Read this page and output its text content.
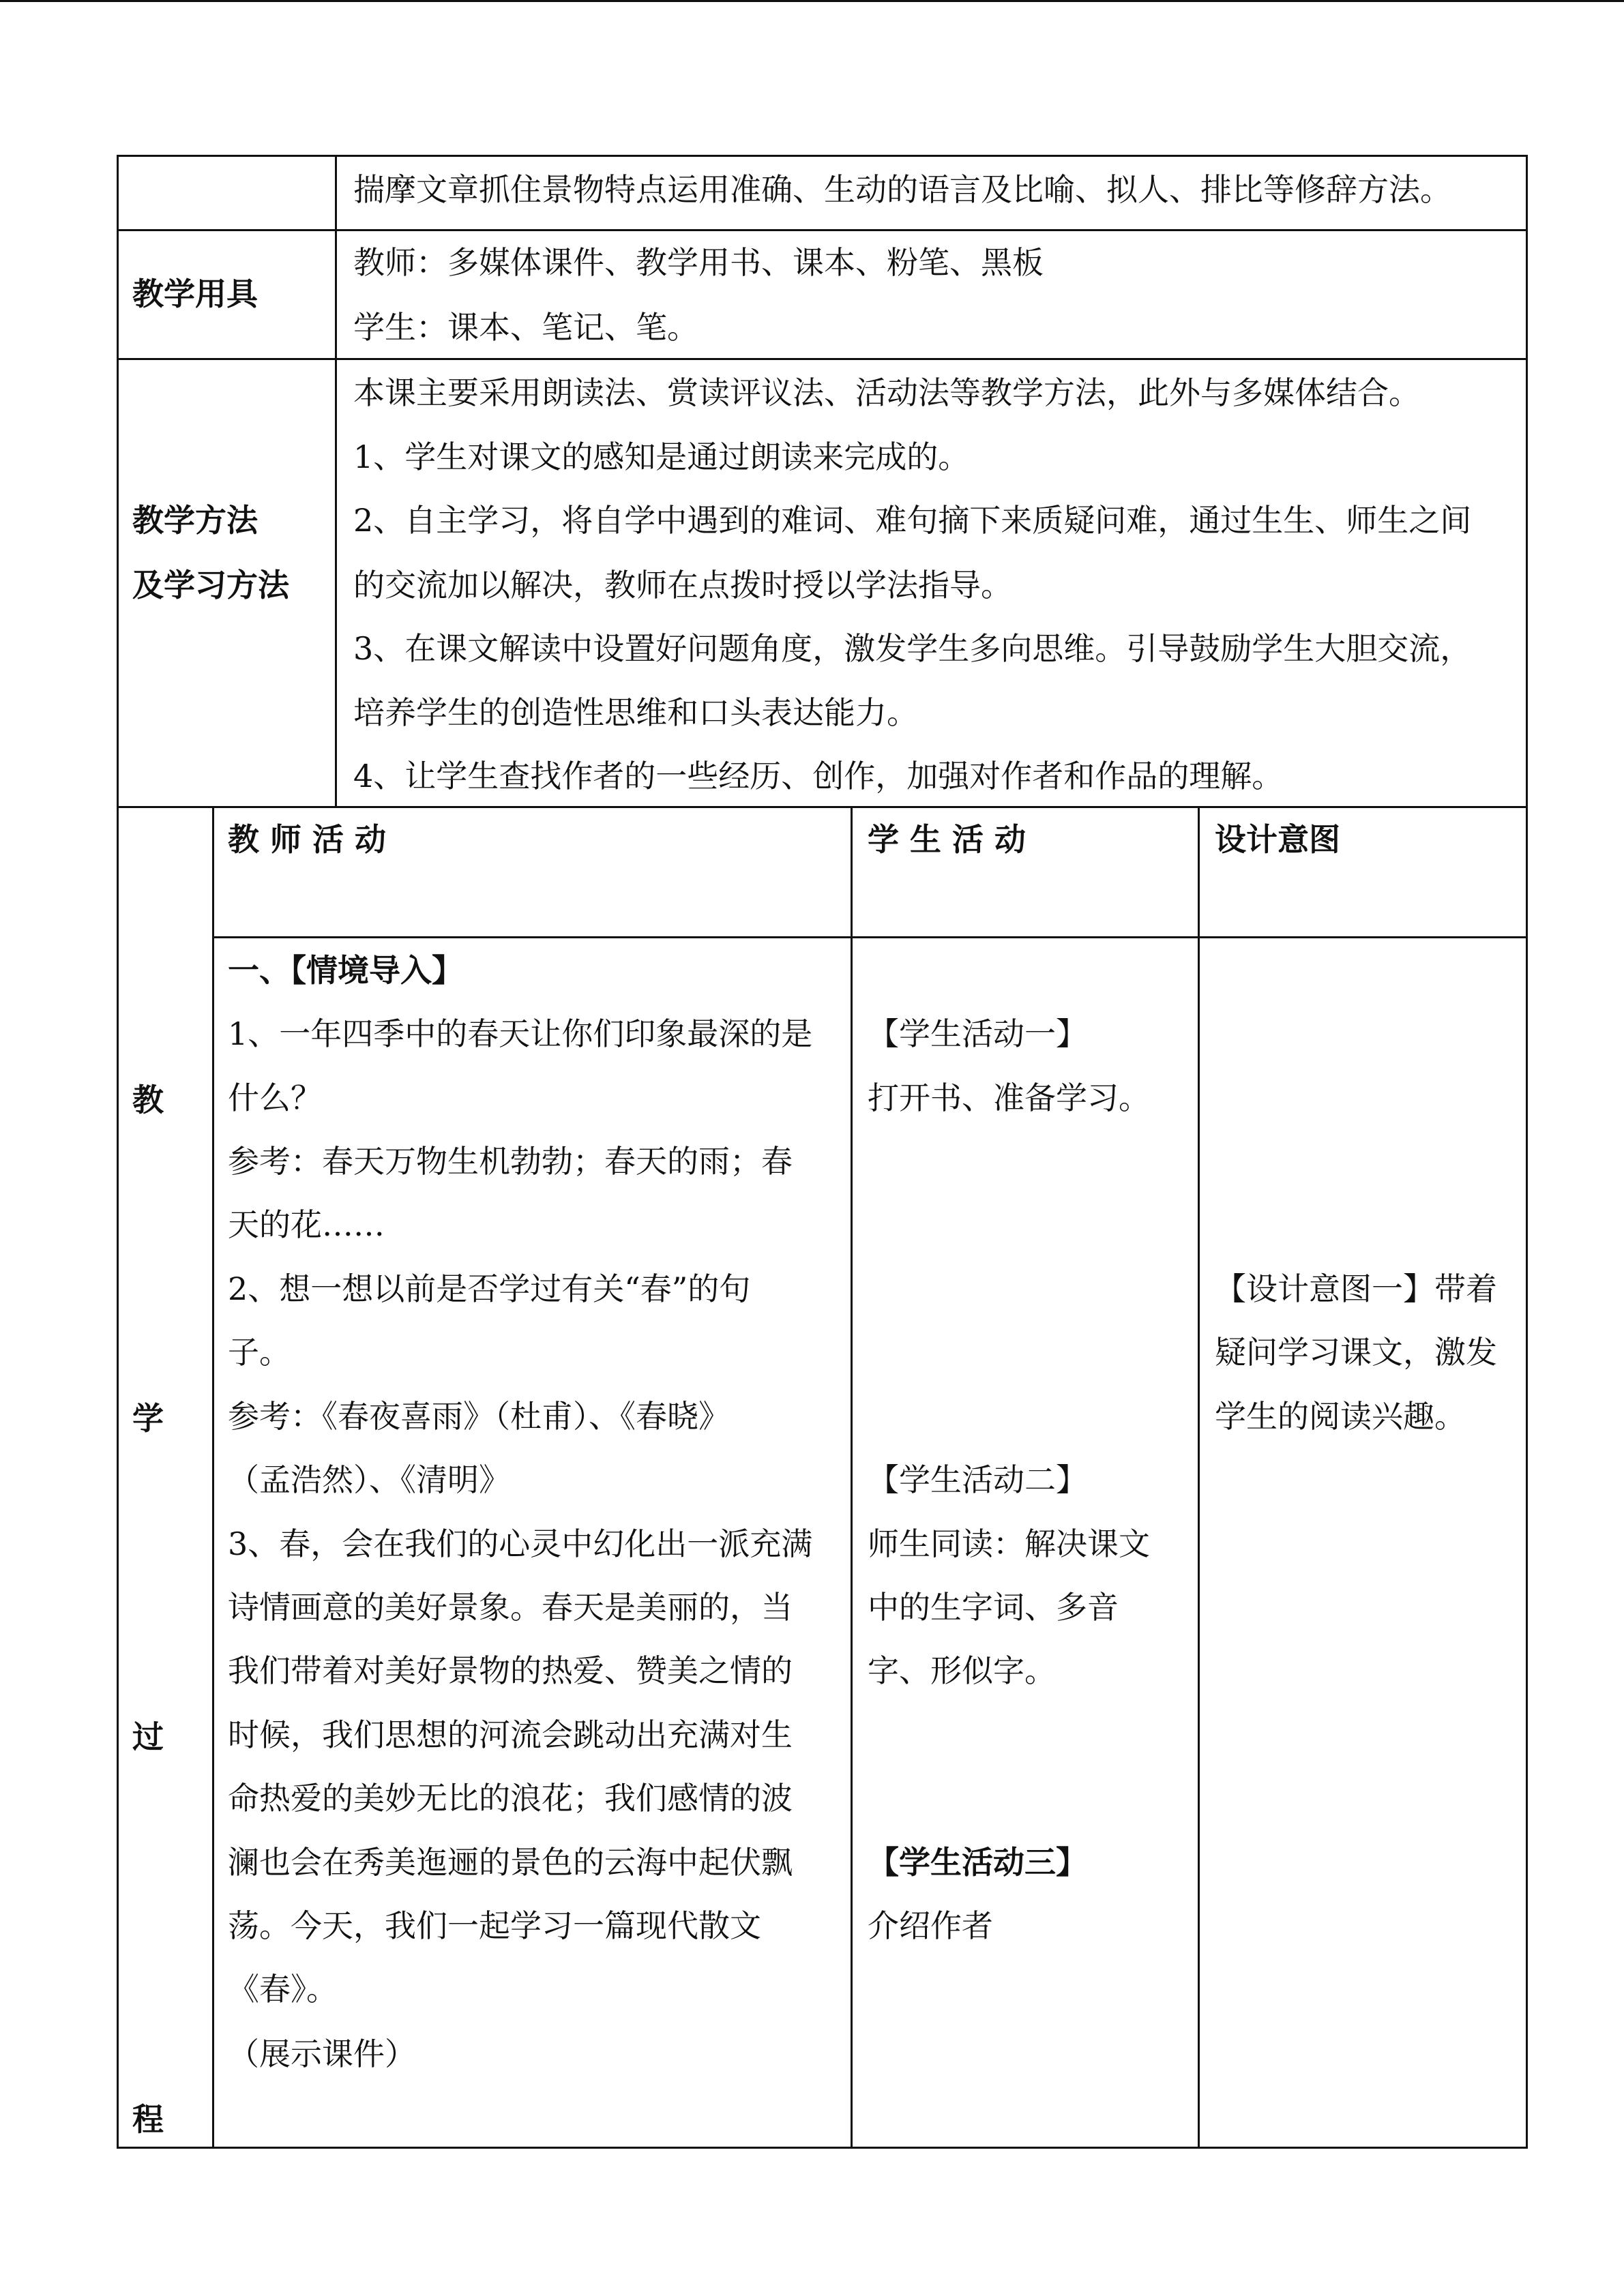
揣摩文章抓住景物特点运用准确、生动的语言及比喻、拟人、排比等修辞方法。
教学用具
教师：多媒体课件、教学用书、课本、粉笔、黑板
学生：课本、笔记、笔。
教学方法
及学习方法
本课主要采用朗读法、赏读评议法、活动法等教学方法，此外与多媒体结合。
1、学生对课文的感知是通过朗读来完成的。
2、自主学习，将自学中遇到的难词、难句摘下来质疑问难，通过生生、师生之间
的交流加以解决，教师在点拨时授以学法指导。
3、在课文解读中设置好问题角度，激发学生多向思维。引导鼓励学生大胆交流，
培养学生的创造性思维和口头表达能力。
4、让学生查找作者的一些经历、创作，加强对作者和作品的理解。
教
学
过
程
教 师 活 动	学 生 活 动	设计意图
一、【情境导入】
1、一年四季中的春天让你们印象最深的是
什么？
参考：春天万物生机勃勃；春天的雨；春
天的花……
2、想一想以前是否学过有关“春”的句
子。
参考：《春夜喜雨》（杜甫）、《春晓》
（孟浩然）、《清明》
3、春，会在我们的心灵中幻化出一派充满
诗情画意的美好景象。春天是美丽的，当
我们带着对美好景物的热爱、赞美之情的
时候，我们思想的河流会跳动出充满对生
命热爱的美妙无比的浪花；我们感情的波
澜也会在秀美迤逦的景色的云海中起伏飘
荡。今天，我们一起学习一篇现代散文
《春》。
（展示课件）
【学生活动一】
打开书、准备学习。
【学生活动二】
师生同读：解决课文
中的生字词、多音
字、形似字。
【学生活动三】
介绍作者
【设计意图一】带着
疑问学习课文，激发
学生的阅读兴趣。
